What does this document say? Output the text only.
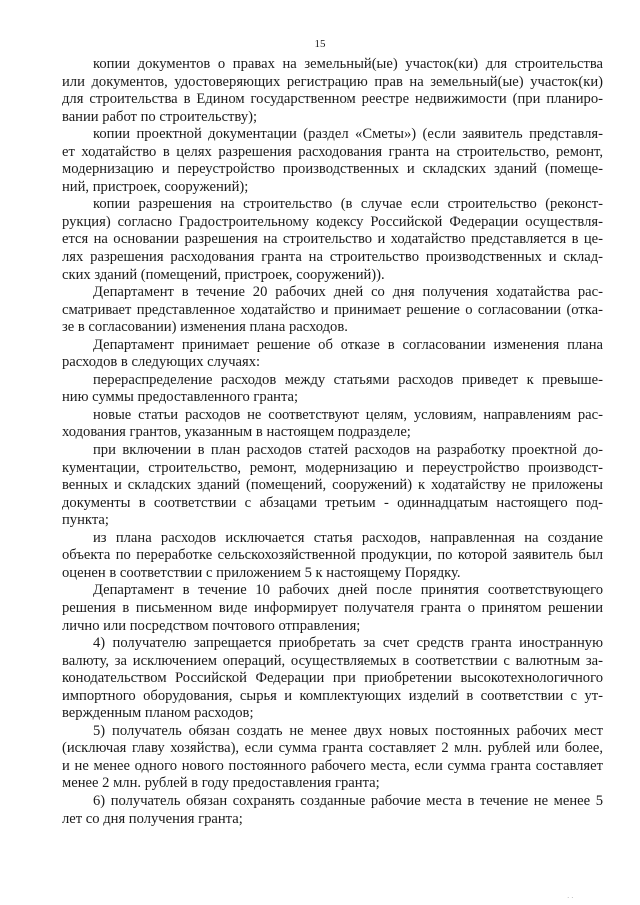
15
копии документов о правах на земельный(ые) участок(ки) для строительства
или документов, удостоверяющих регистрацию прав на земельный(ые) участок(ки)
для строительства в Едином государственном реестре недвижимости (при планиро-
вании работ по строительству);
копии проектной документации (раздел «Сметы») (если заявитель представля-
ет ходатайство в целях разрешения расходования гранта на строительство, ремонт,
модернизацию и переустройство производственных и складских зданий (помеще-
ний, пристроек, сооружений);
копии разрешения на строительство (в случае если строительство (реконст-
рукция) согласно Градостроительному кодексу Российской Федерации осуществля-
ется на основании разрешения на строительство и ходатайство представляется в це-
лях разрешения расходования гранта на строительство производственных и склад-
ских зданий (помещений, пристроек, сооружений)).
Департамент в течение 20 рабочих дней со дня получения ходатайства рас-
сматривает представленное ходатайство и принимает решение о согласовании (отка-
зе в согласовании) изменения плана расходов.
Департамент принимает решение об отказе в согласовании изменения плана
расходов в следующих случаях:
перераспределение расходов между статьями расходов приведет к превыше-
нию суммы предоставленного гранта;
новые статьи расходов не соответствуют целям, условиям, направлениям рас-
ходования грантов, указанным в настоящем подразделе;
при включении в план расходов статей расходов на разработку проектной до-
кументации, строительство, ремонт, модернизацию и переустройство производст-
венных и складских зданий (помещений, сооружений) к ходатайству не приложены
документы в соответствии с абзацами третьим - одиннадцатым настоящего под-
пункта;
из плана расходов исключается статья расходов, направленная на создание
объекта по переработке сельскохозяйственной продукции, по которой заявитель был
оценен в соответствии с приложением 5 к настоящему Порядку.
Департамент в течение 10 рабочих дней после принятия соответствующего
решения в письменном виде информирует получателя гранта о принятом решении
лично или посредством почтового отправления;
4) получателю запрещается приобретать за счет средств гранта иностранную
валюту, за исключением операций, осуществляемых в соответствии с валютным за-
конодательством Российской Федерации при приобретении высокотехнологичного
импортного оборудования, сырья и комплектующих изделий в соответствии с ут-
вержденным планом расходов;
5) получатель обязан создать не менее двух новых постоянных рабочих мест
(исключая главу хозяйства), если сумма гранта составляет 2 млн. рублей или более,
и не менее одного нового постоянного рабочего места, если сумма гранта составляет
менее 2 млн. рублей в году предоставления гранта;
6) получатель обязан сохранять созданные рабочие места в течение не менее 5
лет со дня получения гранта;
· ·
